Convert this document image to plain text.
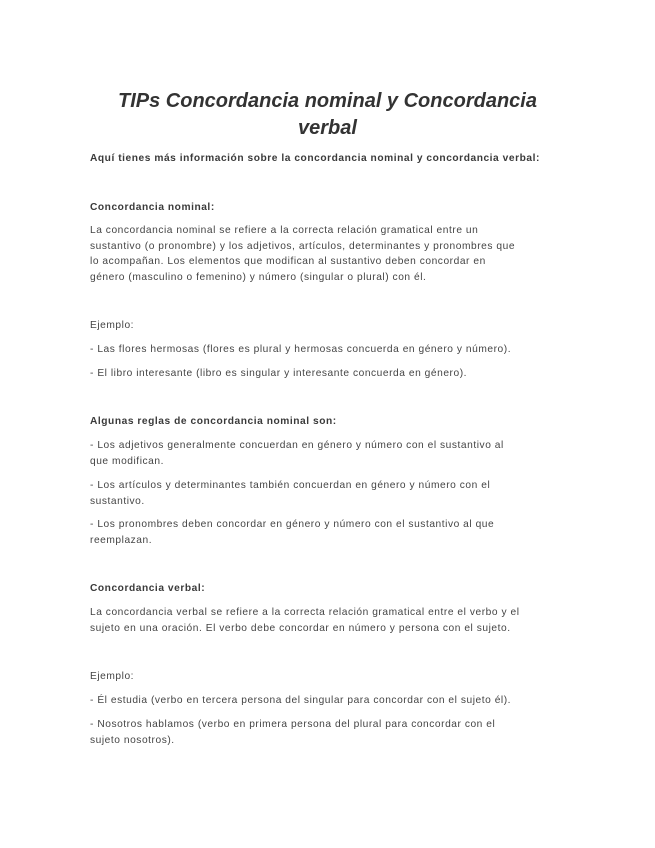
TIPs Concordancia nominal y Concordancia
verbal

Aquí tienes más información sobre la concordancia nominal y concordancia verbal:

Concordancia nominal:

La concordancia nominal se refiere a la correcta relación gramatical entre un
sustantivo (o pronombre) y los adjetivos, artículos, determinantes y pronombres que
lo acompañan. Los elementos que modifican al sustantivo deben concordar en
género (masculino o femenino) y número (singular o plural) con él.

Ejemplo:

- Las flores hermosas (flores es plural y hermosas concuerda en género y número).

- El libro interesante (libro es singular y interesante concuerda en género).

Algunas reglas de concordancia nominal son:

- Los adjetivos generalmente concuerdan en género y número con el sustantivo al
que modifican.

- Los artículos y determinantes también concuerdan en género y número con el
sustantivo.

- Los pronombres deben concordar en género y número con el sustantivo al que
reemplazan.

Concordancia verbal:

La concordancia verbal se refiere a la correcta relación gramatical entre el verbo y el
sujeto en una oración. El verbo debe concordar en número y persona con el sujeto.

Ejemplo:

- Él estudia (verbo en tercera persona del singular para concordar con el sujeto él).

- Nosotros hablamos (verbo en primera persona del plural para concordar con el
sujeto nosotros).
